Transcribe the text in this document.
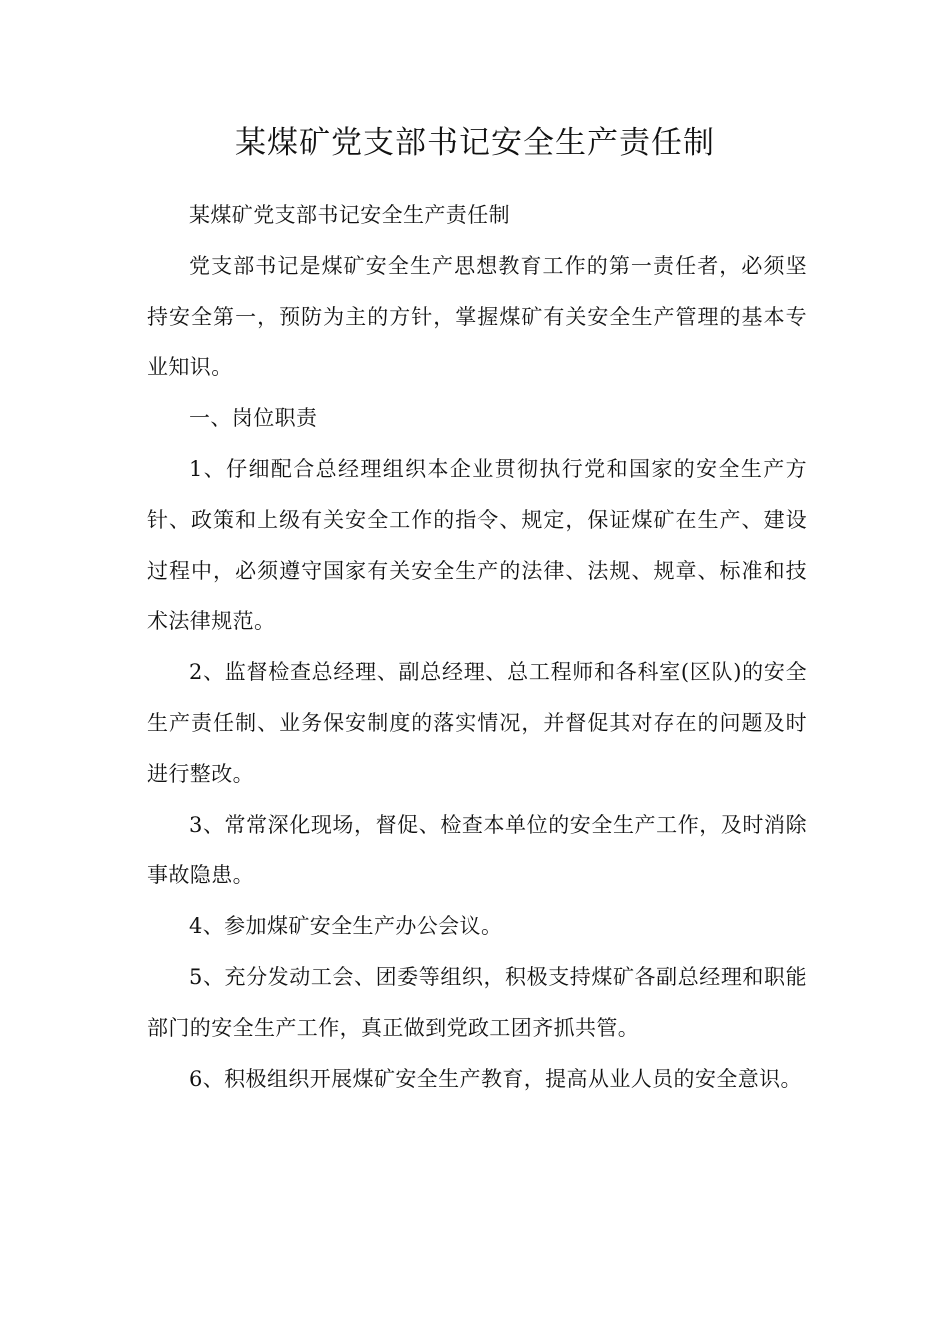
某煤矿党支部书记安全生产责任制

某煤矿党支部书记安全生产责任制

党支部书记是煤矿安全生产思想教育工作的第一责任者，必须坚持安全第一，预防为主的方针，掌握煤矿有关安全生产管理的基本专业知识。

一、岗位职责

1、仔细配合总经理组织本企业贯彻执行党和国家的安全生产方针、政策和上级有关安全工作的指令、规定，保证煤矿在生产、建设过程中，必须遵守国家有关安全生产的法律、法规、规章、标准和技术法律规范。

2、监督检查总经理、副总经理、总工程师和各科室(区队)的安全生产责任制、业务保安制度的落实情况，并督促其对存在的问题及时进行整改。

3、常常深化现场，督促、检查本单位的安全生产工作，及时消除事故隐患。

4、参加煤矿安全生产办公会议。

5、充分发动工会、团委等组织，积极支持煤矿各副总经理和职能部门的安全生产工作，真正做到党政工团齐抓共管。

6、积极组织开展煤矿安全生产教育，提高从业人员的安全意识。
